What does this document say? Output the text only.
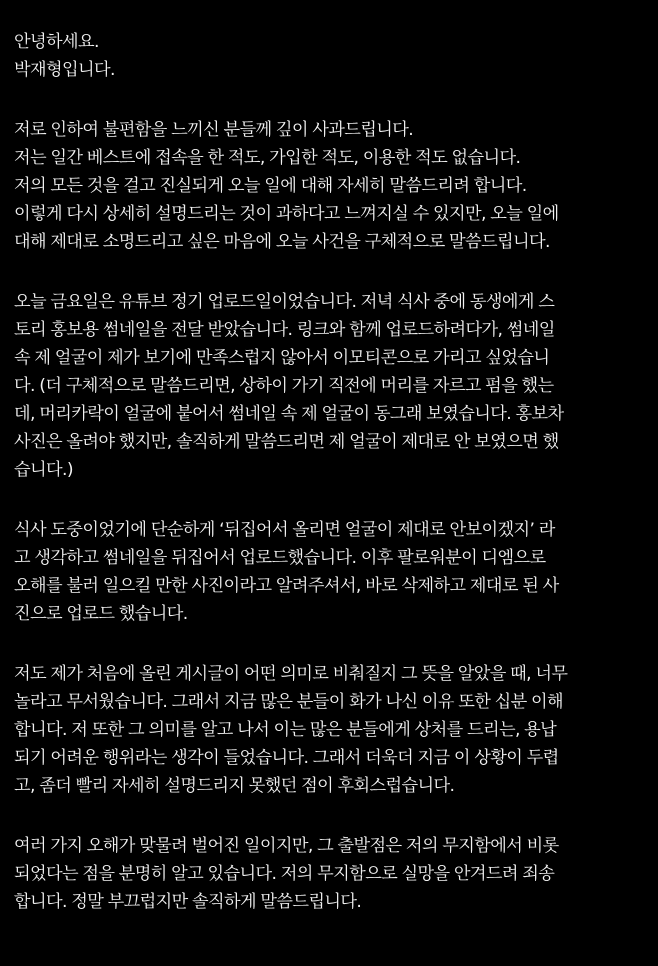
안녕하세요.
박재형입니다.
저로 인하여 불편함을 느끼신 분들께 깊이 사과드립니다.
저는 일간 베스트에 접속을 한 적도, 가입한 적도, 이용한 적도 없습니다.
저의 모든 것을 걸고 진실되게 오늘 일에 대해 자세히 말씀드리려 합니다.
이렇게 다시 상세히 설명드리는 것이 과하다고 느껴지실 수 있지만, 오늘 일에
대해 제대로 소명드리고 싶은 마음에 오늘 사건을 구체적으로 말씀드립니다.
오늘 금요일은 유튜브 정기 업로드일이었습니다. 저녁 식사 중에 동생에게 스
토리 홍보용 썸네일을 전달 받았습니다. 링크와 함께 업로드하려다가, 썸네일
속 제 얼굴이 제가 보기에 만족스럽지 않아서 이모티콘으로 가리고 싶었습니
다. (더 구체적으로 말씀드리면, 상하이 가기 직전에 머리를 자르고 펌을 했는
데, 머리카락이 얼굴에 붙어서 썸네일 속 제 얼굴이 동그래 보였습니다. 홍보차
사진은 올려야 했지만, 솔직하게 말씀드리면 제 얼굴이 제대로 안 보였으면 했
습니다.)
식사 도중이었기에 단순하게 ‘뒤집어서 올리면 얼굴이 제대로 안보이겠지’ 라
고 생각하고 썸네일을 뒤집어서 업로드했습니다. 이후 팔로워분이 디엠으로
오해를 불러 일으킬 만한 사진이라고 알려주셔서, 바로 삭제하고 제대로 된 사
진으로 업로드 했습니다.
저도 제가 처음에 올린 게시글이 어떤 의미로 비춰질지 그 뜻을 알았을 때, 너무
놀라고 무서웠습니다. 그래서 지금 많은 분들이 화가 나신 이유 또한 십분 이해
합니다. 저 또한 그 의미를 알고 나서 이는 많은 분들에게 상처를 드리는, 용납
되기 어려운 행위라는 생각이 들었습니다. 그래서 더욱더 지금 이 상황이 두렵
고, 좀더 빨리 자세히 설명드리지 못했던 점이 후회스럽습니다.
여러 가지 오해가 맞물려 벌어진 일이지만, 그 출발점은 저의 무지함에서 비롯
되었다는 점을 분명히 알고 있습니다. 저의 무지함으로 실망을 안겨드려 죄송
합니다. 정말 부끄럽지만 솔직하게 말씀드립니다.
